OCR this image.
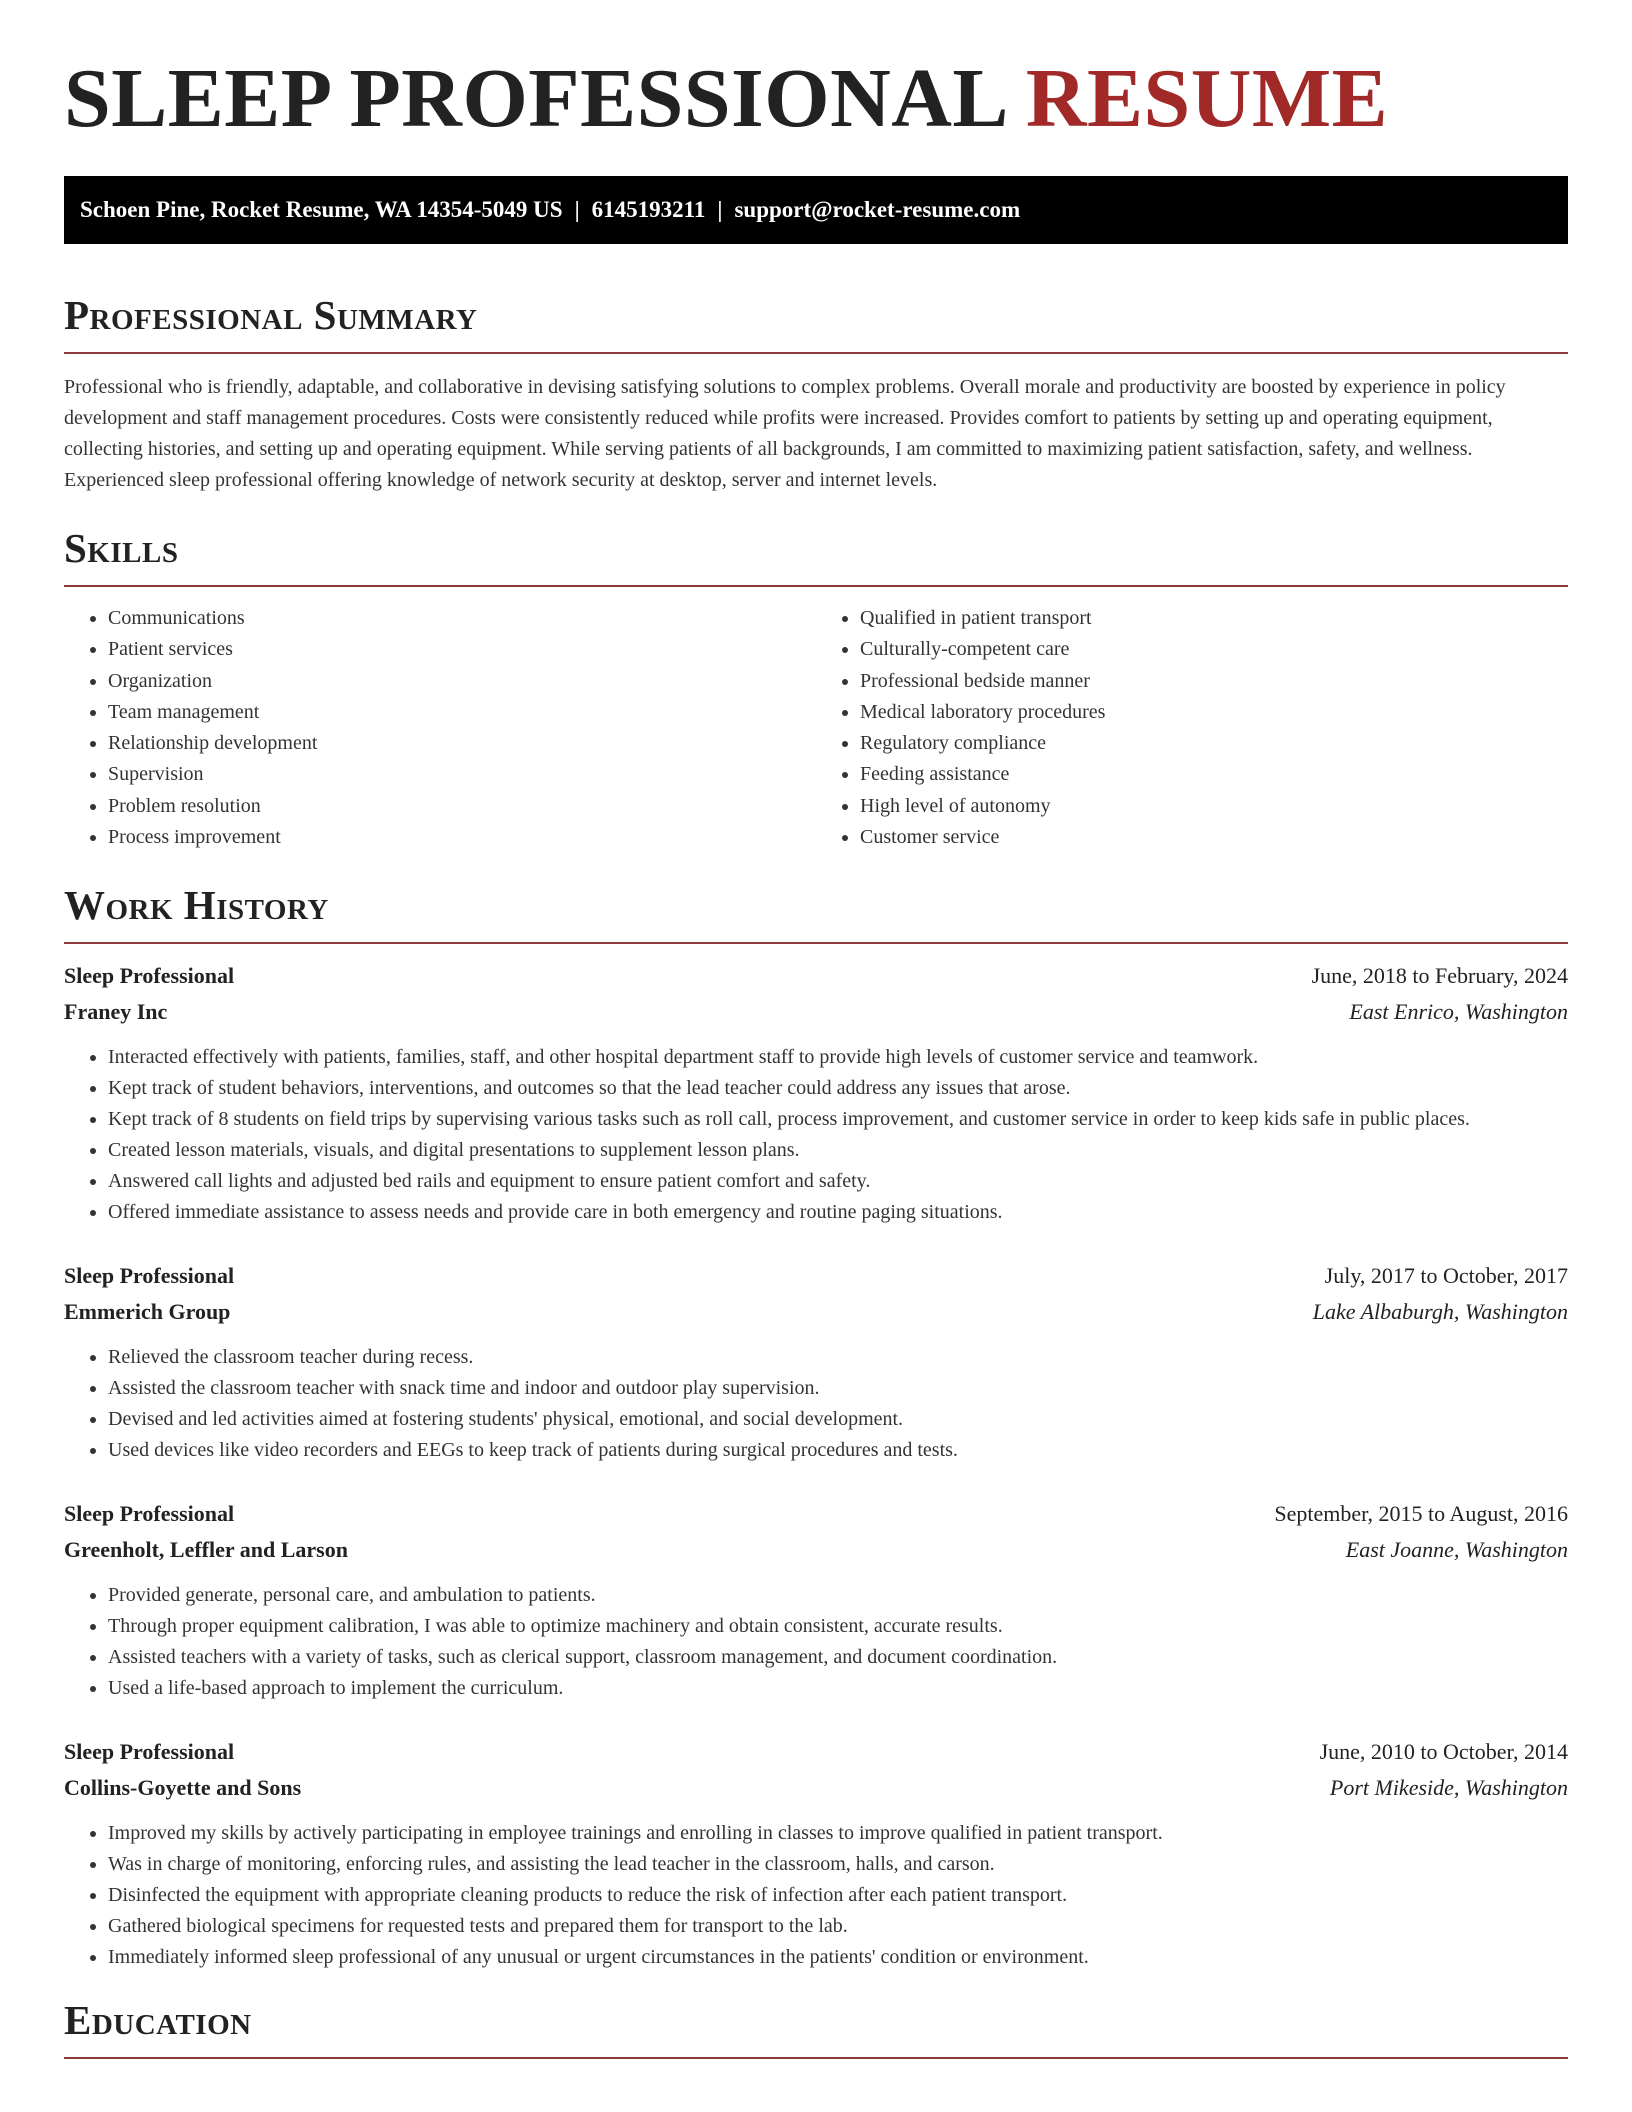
SLEEP PROFESSIONAL RESUME
Schoen Pine, Rocket Resume, WA 14354-5049 US | 6145193211 | support@rocket-resume.com
Professional Summary

Professional who is friendly, adaptable, and collaborative in devising satisfying solutions to complex problems. Overall morale and productivity are boosted by experience in policy development and staff management procedures. Costs were consistently reduced while profits were increased. Provides comfort to patients by setting up and operating equipment, collecting histories, and setting up and operating equipment. While serving patients of all backgrounds, I am committed to maximizing patient satisfaction, safety, and wellness. Experienced sleep professional offering knowledge of network security at desktop, server and internet levels.

Skills
• Communications
• Patient services
• Organization
• Team management
• Relationship development
• Supervision
• Problem resolution
• Process improvement
• Qualified in patient transport
• Culturally-competent care
• Professional bedside manner
• Medical laboratory procedures
• Regulatory compliance
• Feeding assistance
• High level of autonomy
• Customer service
Work History
Sleep Professional	June, 2018 to February, 2024
Franey Inc	East Enrico, Washington
• Interacted effectively with patients, families, staff, and other hospital department staff to provide high levels of customer service and teamwork.
• Kept track of student behaviors, interventions, and outcomes so that the lead teacher could address any issues that arose.
• Kept track of 8 students on field trips by supervising various tasks such as roll call, process improvement, and customer service in order to keep kids safe in public places.
• Created lesson materials, visuals, and digital presentations to supplement lesson plans.
• Answered call lights and adjusted bed rails and equipment to ensure patient comfort and safety.
• Offered immediate assistance to assess needs and provide care in both emergency and routine paging situations.
Sleep Professional	July, 2017 to October, 2017
Emmerich Group	Lake Albaburgh, Washington
• Relieved the classroom teacher during recess.
• Assisted the classroom teacher with snack time and indoor and outdoor play supervision.
• Devised and led activities aimed at fostering students' physical, emotional, and social development.
• Used devices like video recorders and EEGs to keep track of patients during surgical procedures and tests.
Sleep Professional	September, 2015 to August, 2016
Greenholt, Leffler and Larson	East Joanne, Washington
• Provided generate, personal care, and ambulation to patients.
• Through proper equipment calibration, I was able to optimize machinery and obtain consistent, accurate results.
• Assisted teachers with a variety of tasks, such as clerical support, classroom management, and document coordination.
• Used a life-based approach to implement the curriculum.
Sleep Professional	June, 2010 to October, 2014
Collins-Goyette and Sons	Port Mikeside, Washington
• Improved my skills by actively participating in employee trainings and enrolling in classes to improve qualified in patient transport.
• Was in charge of monitoring, enforcing rules, and assisting the lead teacher in the classroom, halls, and carson.
• Disinfected the equipment with appropriate cleaning products to reduce the risk of infection after each patient transport.
• Gathered biological specimens for requested tests and prepared them for transport to the lab.
• Immediately informed sleep professional of any unusual or urgent circumstances in the patients' condition or environment.
Education
